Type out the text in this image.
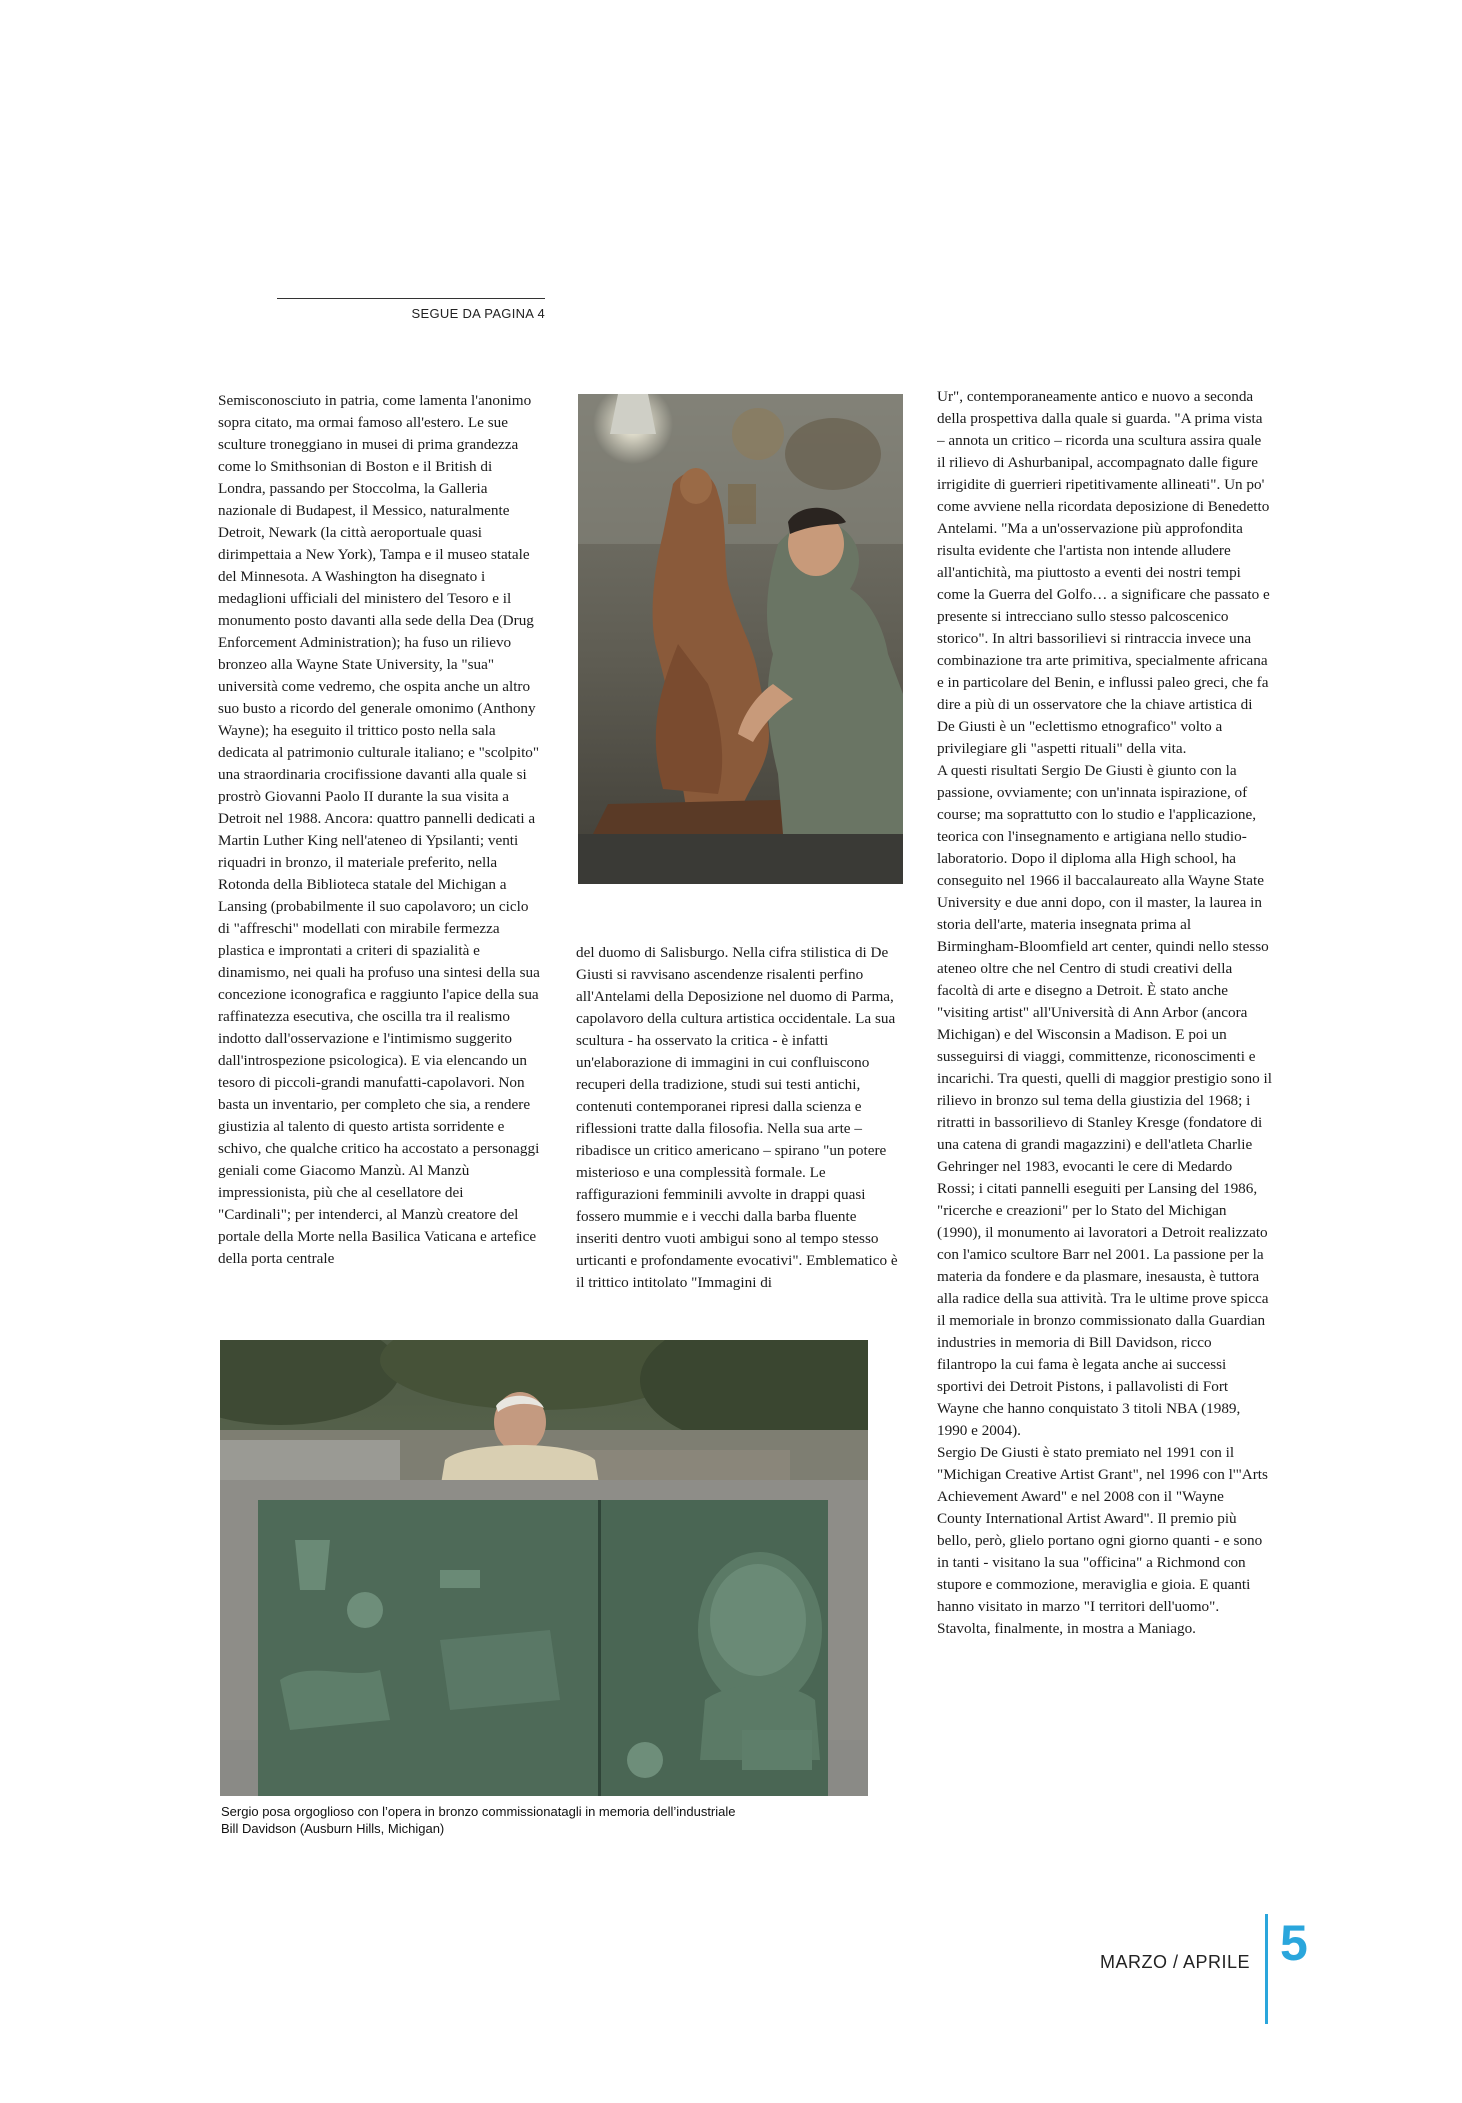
SEGUE DA PAGINA 4

Semisconosciuto in patria, come lamenta l'anonimo sopra citato, ma ormai famoso all'estero. Le sue sculture troneggiano in musei di prima grandezza come lo Smithsonian di Boston e il British di Londra, passando per Stoccolma, la Galleria nazionale di Budapest, il Messico, naturalmente Detroit, Newark (la città aeroportuale quasi dirimpettaia a New York), Tampa e il museo statale del Minnesota. A Washington ha disegnato i medaglioni ufficiali del ministero del Tesoro e il monumento posto davanti alla sede della Dea (Drug Enforcement Administration); ha fuso un rilievo bronzeo alla Wayne State University, la "sua" università come vedremo, che ospita anche un altro suo busto a ricordo del generale omonimo (Anthony Wayne); ha eseguito il trittico posto nella sala dedicata al patrimonio culturale italiano; e "scolpito" una straordinaria crocifissione davanti alla quale si prostrò Giovanni Paolo II durante la sua visita a Detroit nel 1988. Ancora: quattro pannelli dedicati a Martin Luther King nell'ateneo di Ypsilanti; venti riquadri in bronzo, il materiale preferito, nella Rotonda della Biblioteca statale del Michigan a Lansing (probabilmente il suo capolavoro; un ciclo di "affreschi" modellati con mirabile fermezza plastica e improntati a criteri di spazialità e dinamismo, nei quali ha profuso una sintesi della sua concezione iconografica e raggiunto l'apice della sua raffinatezza esecutiva, che oscilla tra il realismo indotto dall'osservazione e l'intimismo suggerito dall'introspezione psicologica). E via elencando un tesoro di piccoli-grandi manufatti-capolavori. Non basta un inventario, per completo che sia, a rendere giustizia al talento di questo artista sorridente e schivo, che qualche critico ha accostato a personaggi geniali come Giacomo Manzù. Al Manzù impressionista, più che al cesellatore dei "Cardinali"; per intenderci, al Manzù creatore del portale della Morte nella Basilica Vaticana e artefice della porta centrale

del duomo di Salisburgo. Nella cifra stilistica di De Giusti si ravvisano ascendenze risalenti perfino all'Antelami della Deposizione nel duomo di Parma, capolavoro della cultura artistica occidentale. La sua scultura - ha osservato la critica - è infatti un'elaborazione di immagini in cui confluiscono recuperi della tradizione, studi sui testi antichi, contenuti contemporanei ripresi dalla scienza e riflessioni tratte dalla filosofia. Nella sua arte – ribadisce un critico americano – spirano "un potere misterioso e una complessità formale. Le raffigurazioni femminili avvolte in drappi quasi fossero mummie e i vecchi dalla barba fluente inseriti dentro vuoti ambigui sono al tempo stesso urticanti e profondamente evocativi". Emblematico è il trittico intitolato "Immagini di

Ur", contemporaneamente antico e nuovo a seconda della prospettiva dalla quale si guarda. "A prima vista – annota un critico – ricorda una scultura assira quale il rilievo di Ashurbanipal, accompagnato dalle figure irrigidite di guerrieri ripetitivamente allineati". Un po' come avviene nella ricordata deposizione di Benedetto Antelami. "Ma a un'osservazione più approfondita risulta evidente che l'artista non intende alludere all'antichità, ma piuttosto a eventi dei nostri tempi come la Guerra del Golfo… a significare che passato e presente si intrecciano sullo stesso palcoscenico storico". In altri bassorilievi si rintraccia invece una combinazione tra arte primitiva, specialmente africana e in particolare del Benin, e influssi paleo greci, che fa dire a più di un osservatore che la chiave artistica di De Giusti è un "eclettismo etnografico" volto a privilegiare gli "aspetti rituali" della vita.

A questi risultati Sergio De Giusti è giunto con la passione, ovviamente; con un'innata ispirazione, of course; ma soprattutto con lo studio e l'applicazione, teorica con l'insegnamento e artigiana nello studio-laboratorio. Dopo il diploma alla High school, ha conseguito nel 1966 il baccalaureato alla Wayne State University e due anni dopo, con il master, la laurea in storia dell'arte, materia insegnata prima al Birmingham-Bloomfield art center, quindi nello stesso ateneo oltre che nel Centro di studi creativi della facoltà di arte e disegno a Detroit. È stato anche "visiting artist" all'Università di Ann Arbor (ancora Michigan) e del Wisconsin a Madison. E poi un susseguirsi di viaggi, committenze, riconoscimenti e incarichi. Tra questi, quelli di maggior prestigio sono il rilievo in bronzo sul tema della giustizia del 1968; i ritratti in bassorilievo di Stanley Kresge (fondatore di una catena di grandi magazzini) e dell'atleta Charlie Gehringer nel 1983, evocanti le cere di Medardo Rossi; i citati pannelli eseguiti per Lansing del 1986, "ricerche e creazioni" per lo Stato del Michigan (1990), il monumento ai lavoratori a Detroit realizzato con l'amico scultore Barr nel 2001. La passione per la materia da fondere e da plasmare, inesausta, è tuttora alla radice della sua attività. Tra le ultime prove spicca il memoriale in bronzo commissionato dalla Guardian industries in memoria di Bill Davidson, ricco filantropo la cui fama è legata anche ai successi sportivi dei Detroit Pistons, i pallavolisti di Fort Wayne che hanno conquistato 3 titoli NBA (1989, 1990 e 2004).

Sergio De Giusti è stato premiato nel 1991 con il "Michigan Creative Artist Grant", nel 1996 con l'"Arts Achievement Award" e nel 2008 con il "Wayne County International Artist Award". Il premio più bello, però, glielo portano ogni giorno quanti - e sono in tanti - visitano la sua "officina" a Richmond con stupore e commozione, meraviglia e gioia. E quanti hanno visitato in marzo "I territori dell'uomo". Stavolta, finalmente, in mostra a Maniago.

Sergio posa orgoglioso con l’opera in bronzo commissionatagli in memoria dell’industriale
Bill Davidson (Ausburn Hills, Michigan)
MARZO / APRILE 5
